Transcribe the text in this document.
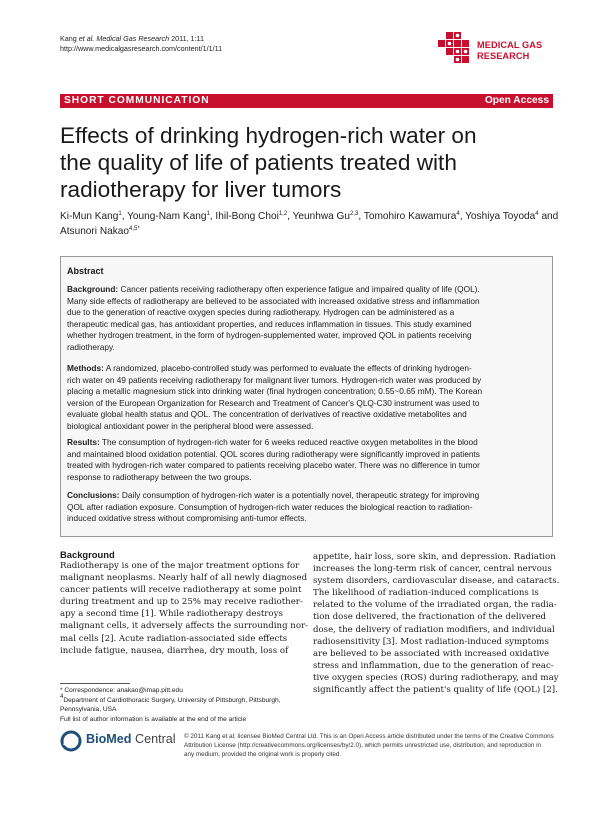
Kang et al. Medical Gas Research 2011, 1:11
http://www.medicalgasresearch.com/content/1/1/11	MEDICAL GAS
RESEARCH
SHORT COMMUNICATION	Open Access
Effects of drinking hydrogen-rich water on
the quality of life of patients treated with
radiotherapy for liver tumors
Ki-Mun Kang$^1$, Young-Nam Kang$^1$, Ihil-Bong Choi$^{1,2}$, Yeunhwa Gu$^{2,3}$, Tomohiro Kawamura$^4$, Yoshiya Toyoda$^4$ and
Atsunori Nakao$^{4,5*}$
Abstract
Background: Cancer patients receiving radiotherapy often experience fatigue and impaired quality of life (QOL).
Many side effects of radiotherapy are believed to be associated with increased oxidative stress and inflammation
due to the generation of reactive oxygen species during radiotherapy. Hydrogen can be administered as a
therapeutic medical gas, has antioxidant properties, and reduces inflammation in tissues. This study examined
whether hydrogen treatment, in the form of hydrogen-supplemented water, improved QOL in patients receiving
radiotherapy.
Methods: A randomized, placebo-controlled study was performed to evaluate the effects of drinking hydrogen-
rich water on 49 patients receiving radiotherapy for malignant liver tumors. Hydrogen-rich water was produced by
placing a metallic magnesium stick into drinking water (final hydrogen concentration; 0.55~0.65 mM). The Korean
version of the European Organization for Research and Treatment of Cancer's QLQ-C30 instrument was used to
evaluate global health status and QOL. The concentration of derivatives of reactive oxidative metabolites and
biological antioxidant power in the peripheral blood were assessed.
Results: The consumption of hydrogen-rich water for 6 weeks reduced reactive oxygen metabolites in the blood
and maintained blood oxidation potential. QOL scores during radiotherapy were significantly improved in patients
treated with hydrogen-rich water compared to patients receiving placebo water. There was no difference in tumor
response to radiotherapy between the two groups.
Conclusions: Daily consumption of hydrogen-rich water is a potentially novel, therapeutic strategy for improving
QOL after radiation exposure. Consumption of hydrogen-rich water reduces the biological reaction to radiation-
induced oxidative stress without compromising anti-tumor effects.
Background
Radiotherapy is one of the major treatment options for
malignant neoplasms. Nearly half of all newly diagnosed
cancer patients will receive radiotherapy at some point
during treatment and up to 25% may receive radiother-
apy a second time [1]. While radiotherapy destroys
malignant cells, it adversely affects the surrounding nor-
mal cells [2]. Acute radiation-associated side effects
include fatigue, nausea, diarrhea, dry mouth, loss of
appetite, hair loss, sore skin, and depression. Radiation
increases the long-term risk of cancer, central nervous
system disorders, cardiovascular disease, and cataracts.
The likelihood of radiation-induced complications is
related to the volume of the irradiated organ, the radia-
tion dose delivered, the fractionation of the delivered
dose, the delivery of radiation modifiers, and individual
radiosensitivity [3]. Most radiation-induced symptoms
are believed to be associated with increased oxidative
stress and inflammation, due to the generation of reac-
tive oxygen species (ROS) during radiotherapy, and may
significantly affect the patient's quality of life (QOL) [2].
* Correspondence: anakao@imap.pitt.edu
$^4$Department of Cardiothoracic Surgery, University of Pittsburgh, Pittsburgh,
Pennsylvania, USA
Full list of author information is available at the end of the article
BioMed Central © 2011 Kang et al; licensee BioMed Central Ltd. This is an Open Access article distributed under the terms of the Creative Commons
Attribution License (http://creativecommons.org/licenses/by/2.0), which permits unrestricted use, distribution, and reproduction in
any medium, provided the original work is properly cited.
